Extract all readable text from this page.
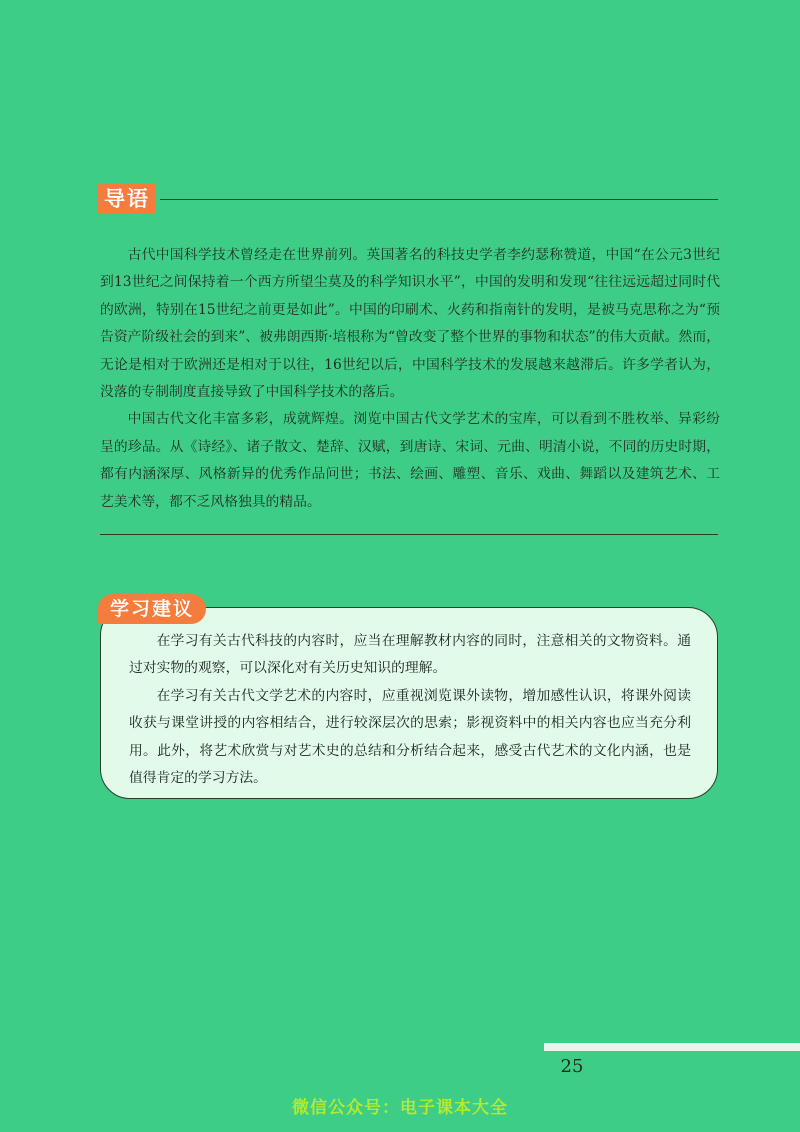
导语

古代中国科学技术曾经走在世界前列。英国著名的科技史学者李约瑟称赞道，中国“在公元3世纪到13世纪之间保持着一个西方所望尘莫及的科学知识水平”，中国的发明和发现“往往远远超过同时代的欧洲，特别在15世纪之前更是如此”。中国的印刷术、火药和指南针的发明，是被马克思称之为“预告资产阶级社会的到来”、被弗朗西斯·培根称为“曾改变了整个世界的事物和状态”的伟大贡献。然而，无论是相对于欧洲还是相对于以往，16世纪以后，中国科学技术的发展越来越滞后。许多学者认为，没落的专制制度直接导致了中国科学技术的落后。

中国古代文化丰富多彩，成就辉煌。浏览中国古代文学艺术的宝库，可以看到不胜枚举、异彩纷呈的珍品。从《诗经》、诸子散文、楚辞、汉赋，到唐诗、宋词、元曲、明清小说，不同的历史时期，都有内涵深厚、风格新异的优秀作品问世；书法、绘画、雕塑、音乐、戏曲、舞蹈以及建筑艺术、工艺美术等，都不乏风格独具的精品。

学习建议

在学习有关古代科技的内容时，应当在理解教材内容的同时，注意相关的文物资料。通过对实物的观察，可以深化对有关历史知识的理解。

在学习有关古代文学艺术的内容时，应重视浏览课外读物，增加感性认识，将课外阅读收获与课堂讲授的内容相结合，进行较深层次的思索；影视资料中的相关内容也应当充分利用。此外，将艺术欣赏与对艺术史的总结和分析结合起来，感受古代艺术的文化内涵，也是值得肯定的学习方法。

25
微信公众号：电子课本大全
